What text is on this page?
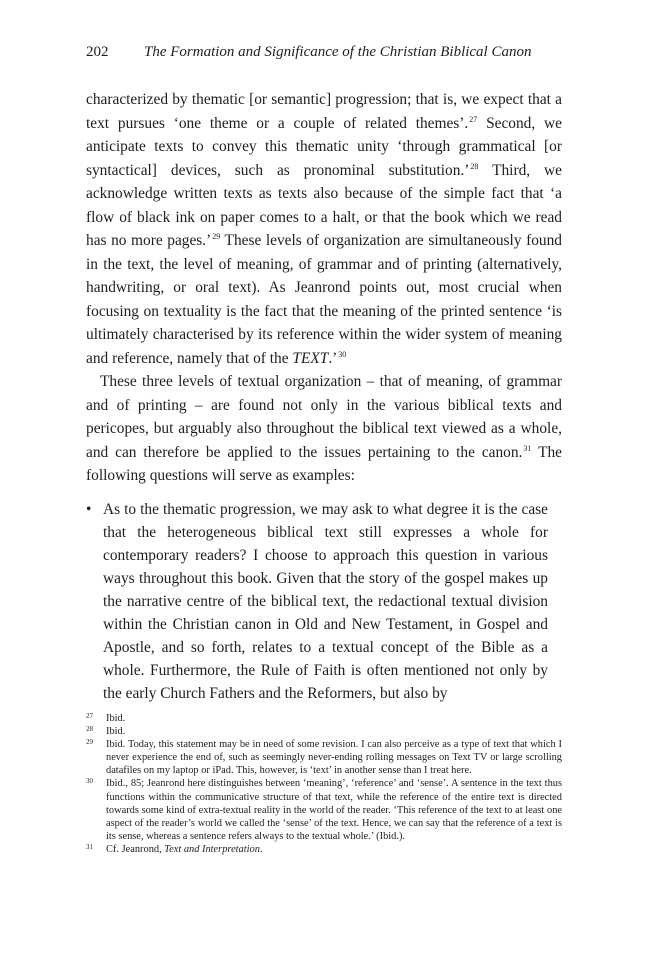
202 The Formation and Significance of the Christian Biblical Canon

characterized by thematic [or semantic] progression; that is, we expect that a text pursues ‘one theme or a couple of related themes’.$^{27}$ Second, we anticipate texts to convey this thematic unity ‘through grammatical [or syntactical] devices, such as pronominal substitution.’$^{28}$ Third, we acknowledge written texts as texts also because of the simple fact that ‘a flow of black ink on paper comes to a halt, or that the book which we read has no more pages.’$^{29}$ These levels of organization are simultaneously found in the text, the level of meaning, of grammar and of printing (alternatively, handwriting, or oral text). As Jeanrond points out, most crucial when focusing on textuality is the fact that the meaning of the printed sentence ‘is ultimately characterised by its reference within the wider system of meaning and reference, namely that of the TEXT.’$^{30}$

These three levels of textual organization – that of meaning, of grammar and of printing – are found not only in the various biblical texts and pericopes, but arguably also throughout the biblical text viewed as a whole, and can therefore be applied to the issues pertaining to the canon.$^{31}$ The following questions will serve as examples:

• As to the thematic progression, we may ask to what degree it is the case that the heterogeneous biblical text still expresses a whole for contemporary readers? I choose to approach this question in various ways throughout this book. Given that the story of the gospel makes up the narrative centre of the biblical text, the redactional textual division within the Christian canon in Old and New Testament, in Gospel and Apostle, and so forth, relates to a textual concept of the Bible as a whole. Furthermore, the Rule of Faith is often mentioned not only by the early Church Fathers and the Reformers, but also by
27	Ibid.
28	Ibid.
29	Ibid. Today, this statement may be in need of some revision. I can also perceive as a type of text that which I never experience the end of, such as seemingly never-ending rolling messages on Text TV or large scrolling datafiles on my laptop or iPad. This, however, is ‘text’ in another sense than I treat here.
30	Ibid., 85; Jeanrond here distinguishes between ‘meaning’, ‘reference’ and ‘sense’. A sentence in the text thus functions within the communicative structure of that text, while the reference of the entire text is directed towards some kind of extra-textual reality in the world of the reader. ‘This reference of the text to at least one aspect of the reader’s world we called the ‘sense’ of the text. Hence, we can say that the reference of a text is its sense, whereas a sentence refers always to the textual whole.’ (Ibid.).
31	Cf. Jeanrond, Text and Interpretation.
